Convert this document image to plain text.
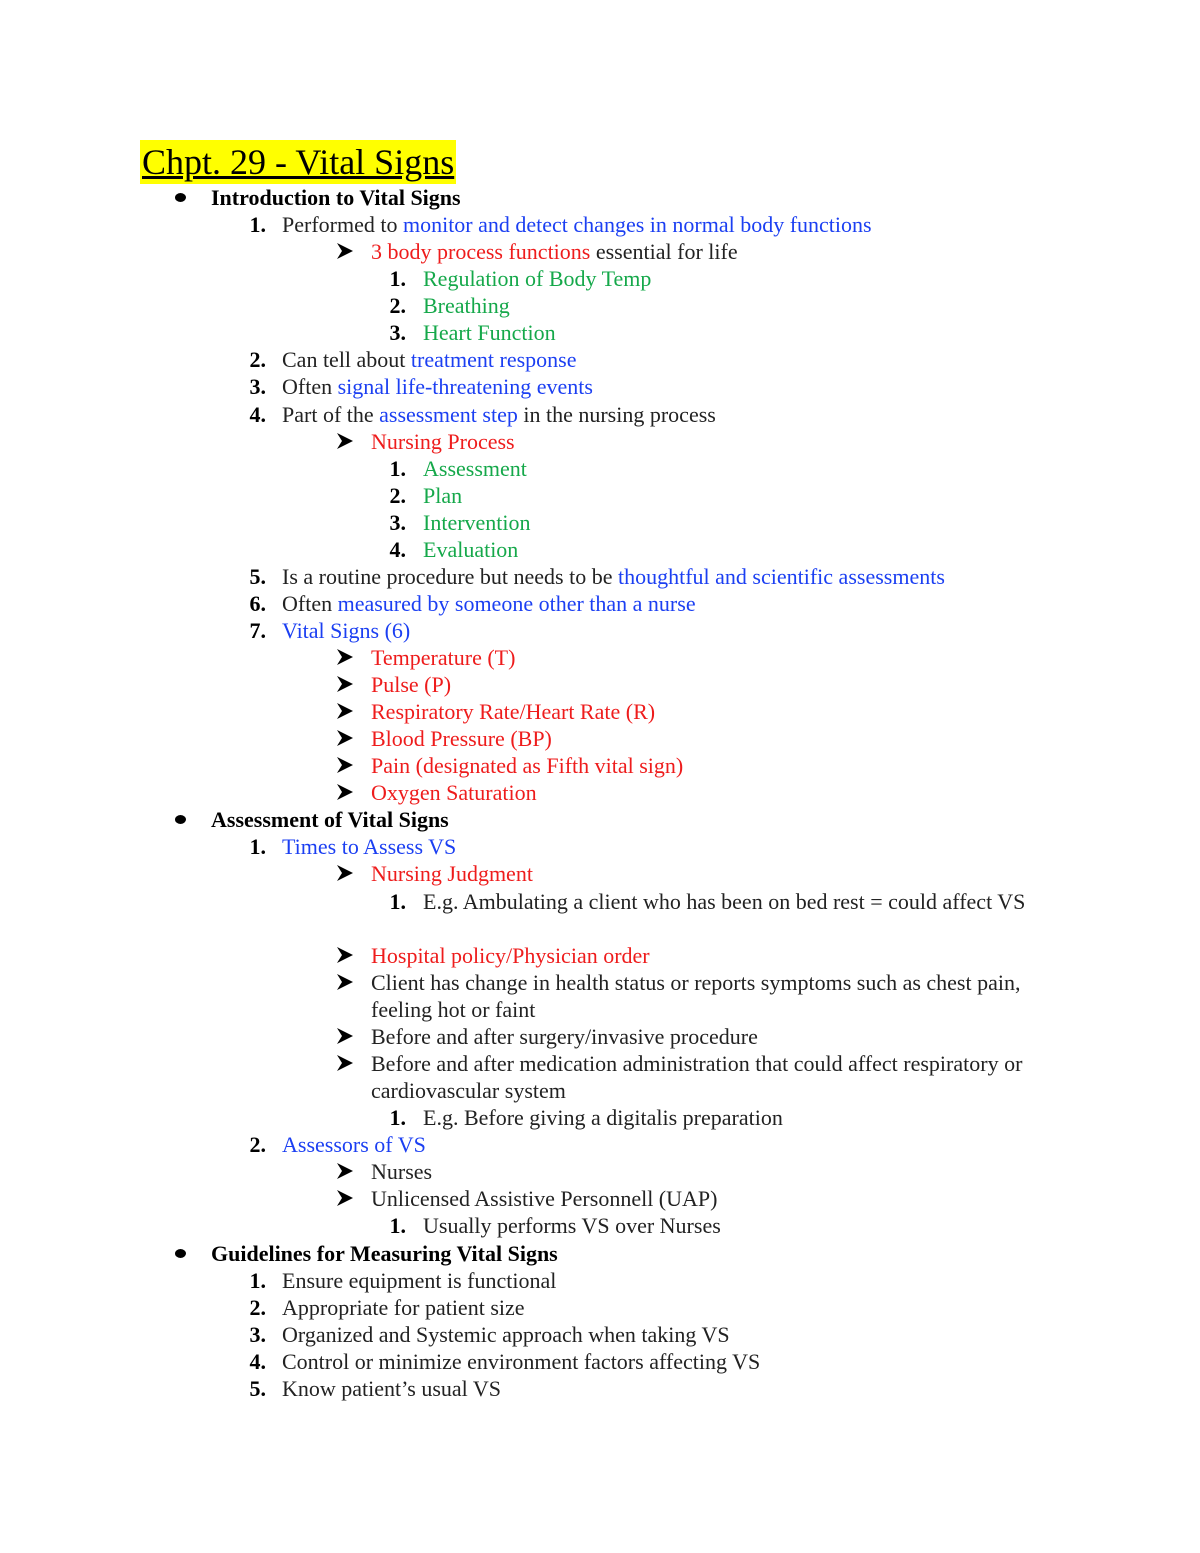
Chpt. 29 - Vital Signs
Introduction to Vital Signs
1. Performed to monitor and detect changes in normal body functions
3 body process functions essential for life
1. Regulation of Body Temp
2. Breathing
3. Heart Function
2. Can tell about treatment response
3. Often signal life-threatening events
4. Part of the assessment step in the nursing process
Nursing Process
1. Assessment
2. Plan
3. Intervention
4. Evaluation
5. Is a routine procedure but needs to be thoughtful and scientific assessments
6. Often measured by someone other than a nurse
7. Vital Signs (6)
Temperature (T)
Pulse (P)
Respiratory Rate/Heart Rate (R)
Blood Pressure (BP)
Pain (designated as Fifth vital sign)
Oxygen Saturation
Assessment of Vital Signs
1. Times to Assess VS
Nursing Judgment
1. E.g. Ambulating a client who has been on bed rest = could affect VS
Hospital policy/Physician order
Client has change in health status or reports symptoms such as chest pain, feeling hot or faint
Before and after surgery/invasive procedure
Before and after medication administration that could affect respiratory or cardiovascular system
1. E.g. Before giving a digitalis preparation
2. Assessors of VS
Nurses
Unlicensed Assistive Personnell (UAP)
1. Usually performs VS over Nurses
Guidelines for Measuring Vital Signs
1. Ensure equipment is functional
2. Appropriate for patient size
3. Organized and Systemic approach when taking VS
4. Control or minimize environment factors affecting VS
5. Know patient’s usual VS
